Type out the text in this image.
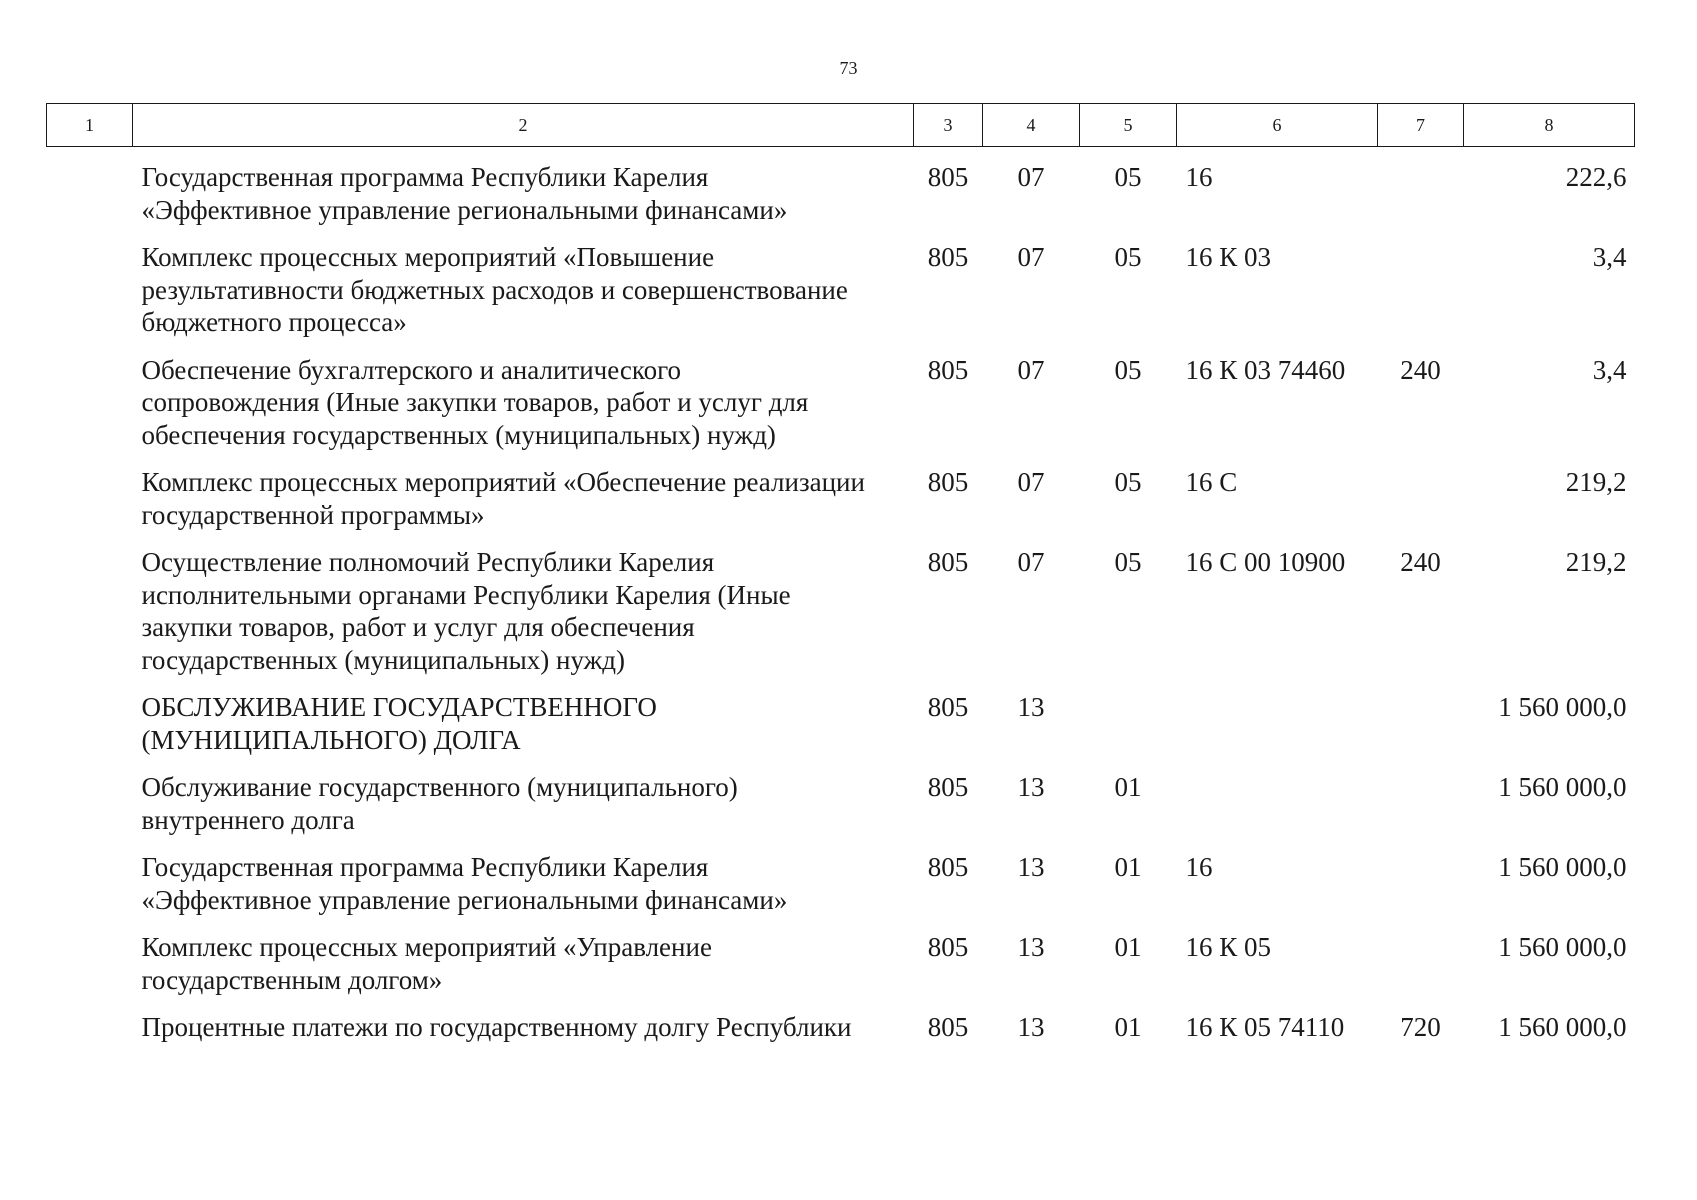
73
1	2	3	4	5	6	7	8

Государственная программа Республики Карелия
«Эффективное управление региональными финансами»		805	07	05	16		222,6

Комплекс процессных мероприятий «Повышение
результативности бюджетных расходов и совершенствование
бюджетного процесса»		805	07	05	16 К 03		3,4

Обеспечение бухгалтерского и аналитического
сопровождения (Иные закупки товаров, работ и услуг для
обеспечения государственных (муниципальных) нужд)		805	07	05	16 К 03 74460	240	3,4

Комплекс процессных мероприятий «Обеспечение реализации
государственной программы»		805	07	05	16 С		219,2

Осуществление полномочий Республики Карелия
исполнительными органами Республики Карелия (Иные
закупки товаров, работ и услуг для обеспечения
государственных (муниципальных) нужд)		805	07	05	16 С 00 10900	240	219,2

ОБСЛУЖИВАНИЕ ГОСУДАРСТВЕННОГО
(МУНИЦИПАЛЬНОГО) ДОЛГА		805	13				1 560 000,0

Обслуживание государственного (муниципального)
внутреннего долга		805	13	01			1 560 000,0

Государственная программа Республики Карелия
«Эффективное управление региональными финансами»		805	13	01	16		1 560 000,0

Комплекс процессных мероприятий «Управление
государственным долгом»		805	13	01	16 К 05		1 560 000,0

Процентные платежи по государственному долгу Республики		805	13	01	16 К 05 74110	720	1 560 000,0
